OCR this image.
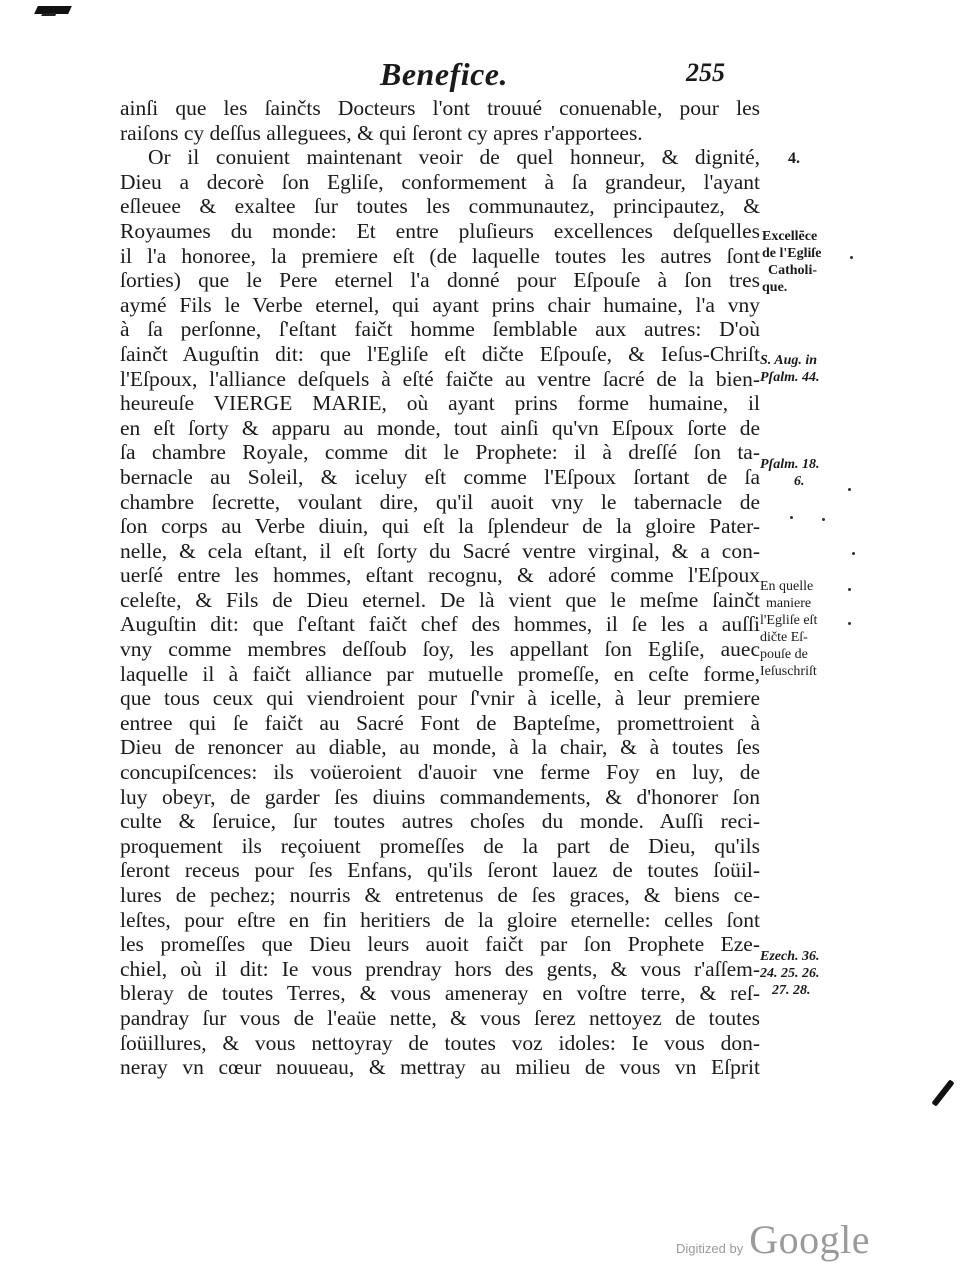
Benefice.	255
ainſi que les ſainčts Docteurs l'ont trouué conuenable, pour les
raiſons cy deſſus alleguees, & qui ſeront cy apres r'apportees.
Or il conuient maintenant veoir de quel honneur, & dignité,
Dieu a decorè ſon Egliſe, conformement à ſa grandeur, l'ayant
eſleuee & exaltee ſur toutes les communautez, principautez, &
Royaumes du monde: Et entre pluſieurs excellences deſquelles
il l'a honoree, la premiere eſt (de laquelle toutes les autres ſont
ſorties) que le Pere eternel l'a donné pour Eſpouſe à ſon tres
aymé Fils le Verbe eternel, qui ayant prins chair humaine, l'a vny
à ſa perſonne, ſ'eſtant faičt homme ſemblable aux autres: D'où
ſainčt Auguſtin dit: que l'Egliſe eſt dičte Eſpouſe, & Ieſus-Chriſt
l'Eſpoux, l'alliance deſquels à eſté faičte au ventre ſacré de la bien-
heureuſe VIERGE MARIE, où ayant prins forme humaine, il
en eſt ſorty & apparu au monde, tout ainſi qu'vn Eſpoux ſorte de
ſa chambre Royale, comme dit le Prophete: il à dreſſé ſon ta-
bernacle au Soleil, & iceluy eſt comme l'Eſpoux ſortant de ſa
chambre ſecrette, voulant dire, qu'il auoit vny le tabernacle de
ſon corps au Verbe diuin, qui eſt la ſplendeur de la gloire Pater-
nelle, & cela eſtant, il eſt ſorty du Sacré ventre virginal, & a con-
uerſé entre les hommes, eſtant recognu, & adoré comme l'Eſpoux
celeſte, & Fils de Dieu eternel. De là vient que le meſme ſainčt
Auguſtin dit: que ſ'eſtant faičt chef des hommes, il ſe les a auſſi
vny comme membres deſſoub ſoy, les appellant ſon Egliſe, auec
laquelle il à faičt alliance par mutuelle promeſſe, en ceſte forme,
que tous ceux qui viendroient pour ſ'vnir à icelle, à leur premiere
entree qui ſe faičt au Sacré Font de Bapteſme, promettroient à
Dieu de renoncer au diable, au monde, à la chair, & à toutes ſes
concupiſcences: ils voüeroient d'auoir vne ferme Foy en luy, de
luy obeyr, de garder ſes diuins commandements, & d'honorer ſon
culte & ſeruice, ſur toutes autres choſes du monde. Auſſi reci-
proquement ils reçoiuent promeſſes de la part de Dieu, qu'ils
ſeront receus pour ſes Enfans, qu'ils ſeront lauez de toutes ſoüil-
lures de pechez; nourris & entretenus de ſes graces, & biens ce-
leſtes, pour eſtre en fin heritiers de la gloire eternelle: celles ſont
les promeſſes que Dieu leurs auoit faičt par ſon Prophete Eze-
chiel, où il dit: Ie vous prendray hors des gents, & vous r'aſſem-
bleray de toutes Terres, & vous ameneray en voſtre terre, & reſ-
pandray ſur vous de l'eaüe nette, & vous ſerez nettoyez de toutes
ſoüillures, & vous nettoyray de toutes voz idoles: Ie vous don-
neray vn cœur nouueau, & mettray au milieu de vous vn Eſprit
4.
Excellẽce
de l'Egliſe
Catholi-
que.
S. Aug. in
Pſalm. 44.
Pſalm. 18.
6.
En quelle
maniere
l'Egliſe eſt
dičte Eſ-
pouſe de
Ieſuschriſt
Ezech. 36.
24. 25. 26.
27. 28.
Digitized by Google
